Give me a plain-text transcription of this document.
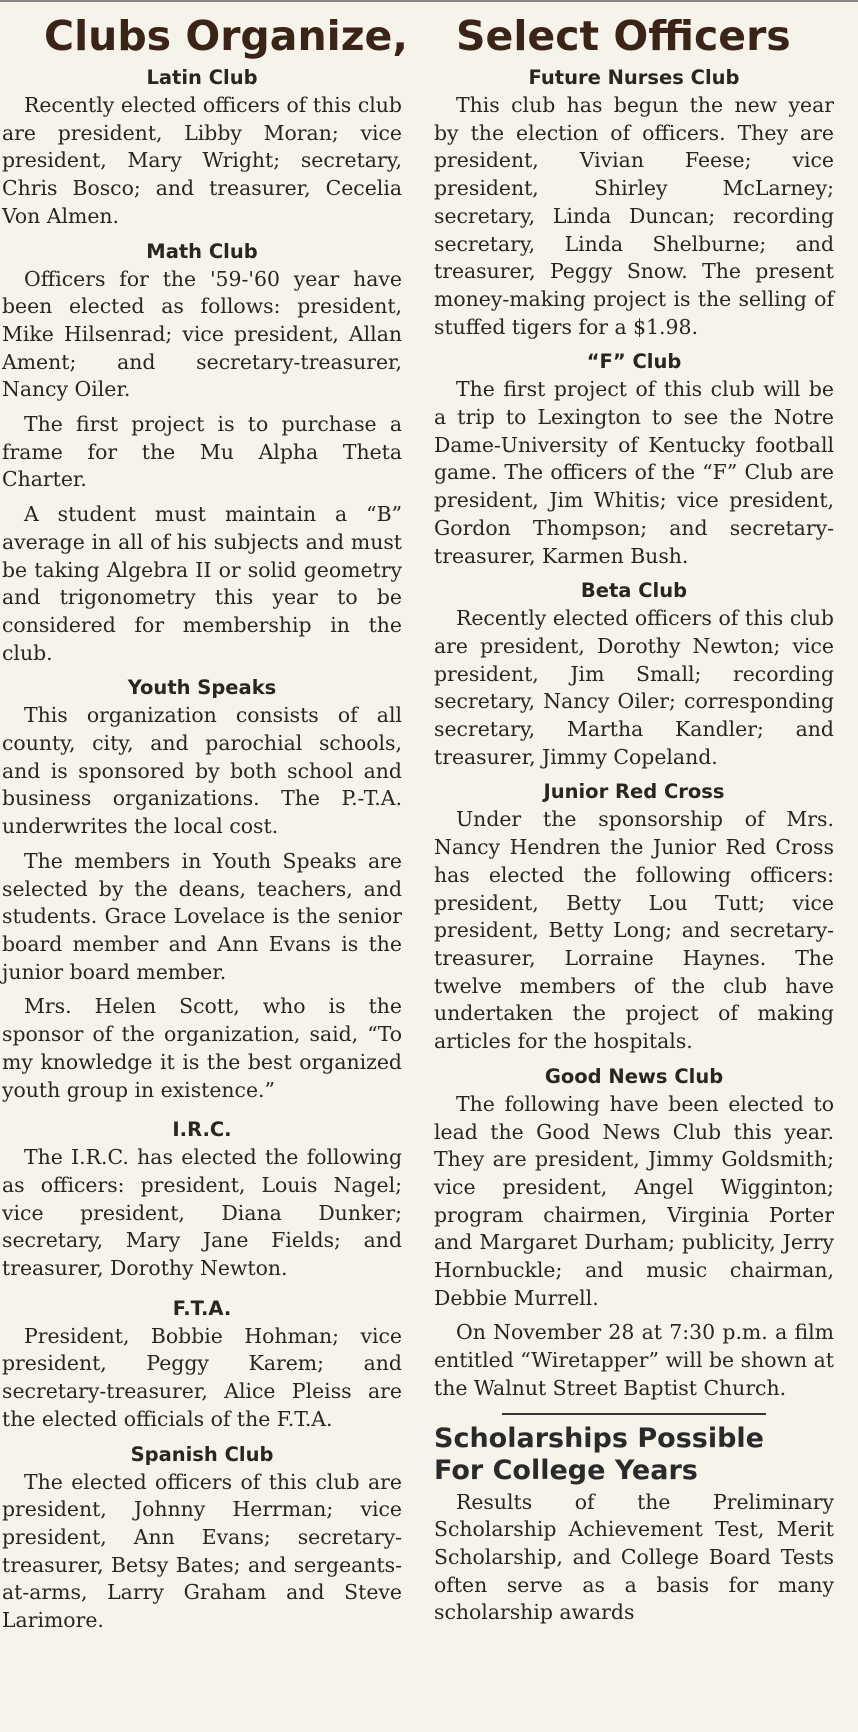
Clubs Organize, Select Officers
Latin Club

Recently elected officers of this club are president, Libby Moran; vice president, Mary Wright; secretary, Chris Bosco; and treasurer, Cecelia Von Almen.

Math Club

Officers for the '59-'60 year have been elected as follows: president, Mike Hilsenrad; vice president, Allan Ament; and secretary-treasurer, Nancy Oiler.

The first project is to purchase a frame for the Mu Alpha Theta Charter.

A student must maintain a “B” average in all of his subjects and must be taking Algebra II or solid geometry and trigonometry this year to be considered for membership in the club.

Youth Speaks

This organization consists of all county, city, and parochial schools, and is sponsored by both school and business organizations. The P.-T.A. underwrites the local cost.

The members in Youth Speaks are selected by the deans, teachers, and students. Grace Lovelace is the senior board member and Ann Evans is the junior board member.

Mrs. Helen Scott, who is the sponsor of the organization, said, “To my knowledge it is the best organized youth group in existence.”

I.R.C.

The I.R.C. has elected the following as officers: president, Louis Nagel; vice president, Diana Dunker; secretary, Mary Jane Fields; and treasurer, Dorothy Newton.

F.T.A.

President, Bobbie Hohman; vice president, Peggy Karem; and secretary-treasurer, Alice Pleiss are the elected officials of the F.T.A.

Spanish Club

The elected officers of this club are president, Johnny Herrman; vice president, Ann Evans; secretary-treasurer, Betsy Bates; and sergeants-at-arms, Larry Graham and Steve Larimore.

Future Nurses Club

This club has begun the new year by the election of officers. They are president, Vivian Feese; vice president, Shirley McLarney; secretary, Linda Duncan; recording secretary, Linda Shelburne; and treasurer, Peggy Snow. The present money-making project is the selling of stuffed tigers for a $1.98.

“F” Club

The first project of this club will be a trip to Lexington to see the Notre Dame-University of Kentucky football game. The officers of the “F” Club are president, Jim Whitis; vice president, Gordon Thompson; and secretary-treasurer, Karmen Bush.

Beta Club

Recently elected officers of this club are president, Dorothy Newton; vice president, Jim Small; recording secretary, Nancy Oiler; corresponding secretary, Martha Kandler; and treasurer, Jimmy Copeland.

Junior Red Cross

Under the sponsorship of Mrs. Nancy Hendren the Junior Red Cross has elected the following officers: president, Betty Lou Tutt; vice president, Betty Long; and secretary-treasurer, Lorraine Haynes. The twelve members of the club have undertaken the project of making articles for the hospitals.

Good News Club

The following have been elected to lead the Good News Club this year. They are president, Jimmy Goldsmith; vice president, Angel Wigginton; program chairmen, Virginia Porter and Margaret Durham; publicity, Jerry Hornbuckle; and music chairman, Debbie Murrell.

On November 28 at 7:30 p.m. a film entitled “Wiretapper” will be shown at the Walnut Street Baptist Church.

Scholarships Possible
For College Years

Results of the Preliminary Scholarship Achievement Test, Merit Scholarship, and College Board Tests often serve as a basis for many scholarship awards
